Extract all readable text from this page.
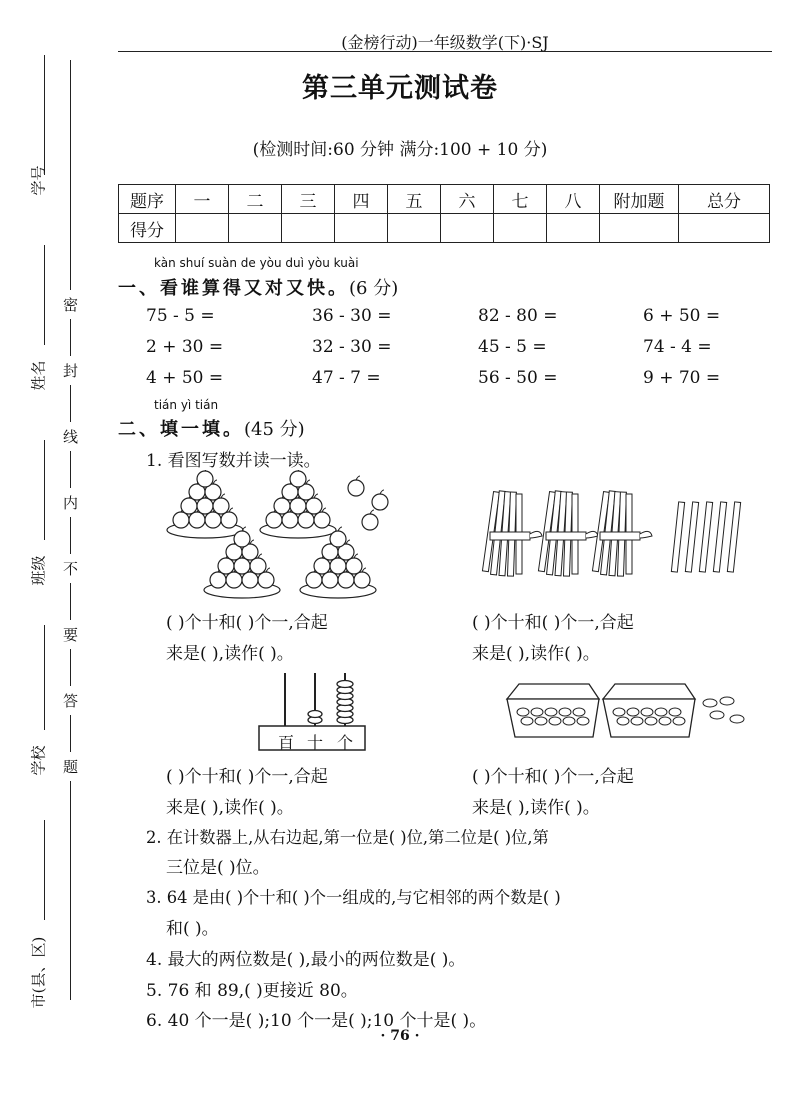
学号
姓名
班级
学校
市(县、区)
密
封
线
内
不
要
答
题
(金榜行动)一年级数学(下)·SJ
第三单元测试卷
(检测时间:60 分钟 满分:100 + 10 分)
题序	一	二	三	四	五	六	七	八	附加题	总分
得分										
kàn shuí suàn de yòu duì yòu kuài
一、看谁算得又对又快。(6 分)
75 - 5 =	36 - 30 =	82 - 80 =	6 + 50 =
2 + 30 =	32 - 30 =	45 - 5 =	74 - 4 =
4 + 50 =	47 - 7 =	56 - 50 =	9 + 70 =
tián yì tián
二、填一填。(45 分)
1. 看图写数并读一读。
( )个十和( )个一,合起
来是( ),读作( )。
( )个十和( )个一,合起
来是( ),读作( )。
百 十 个
( )个十和( )个一,合起
来是( ),读作( )。
( )个十和( )个一,合起
来是( ),读作( )。
2. 在计数器上,从右边起,第一位是( )位,第二位是( )位,第
三位是( )位。
3. 64 是由( )个十和( )个一组成的,与它相邻的两个数是( )
和( )。
4. 最大的两位数是( ),最小的两位数是( )。
5. 76 和 89,( )更接近 80。
6. 40 个一是( );10 个一是( );10 个十是( )。
· 76 ·
